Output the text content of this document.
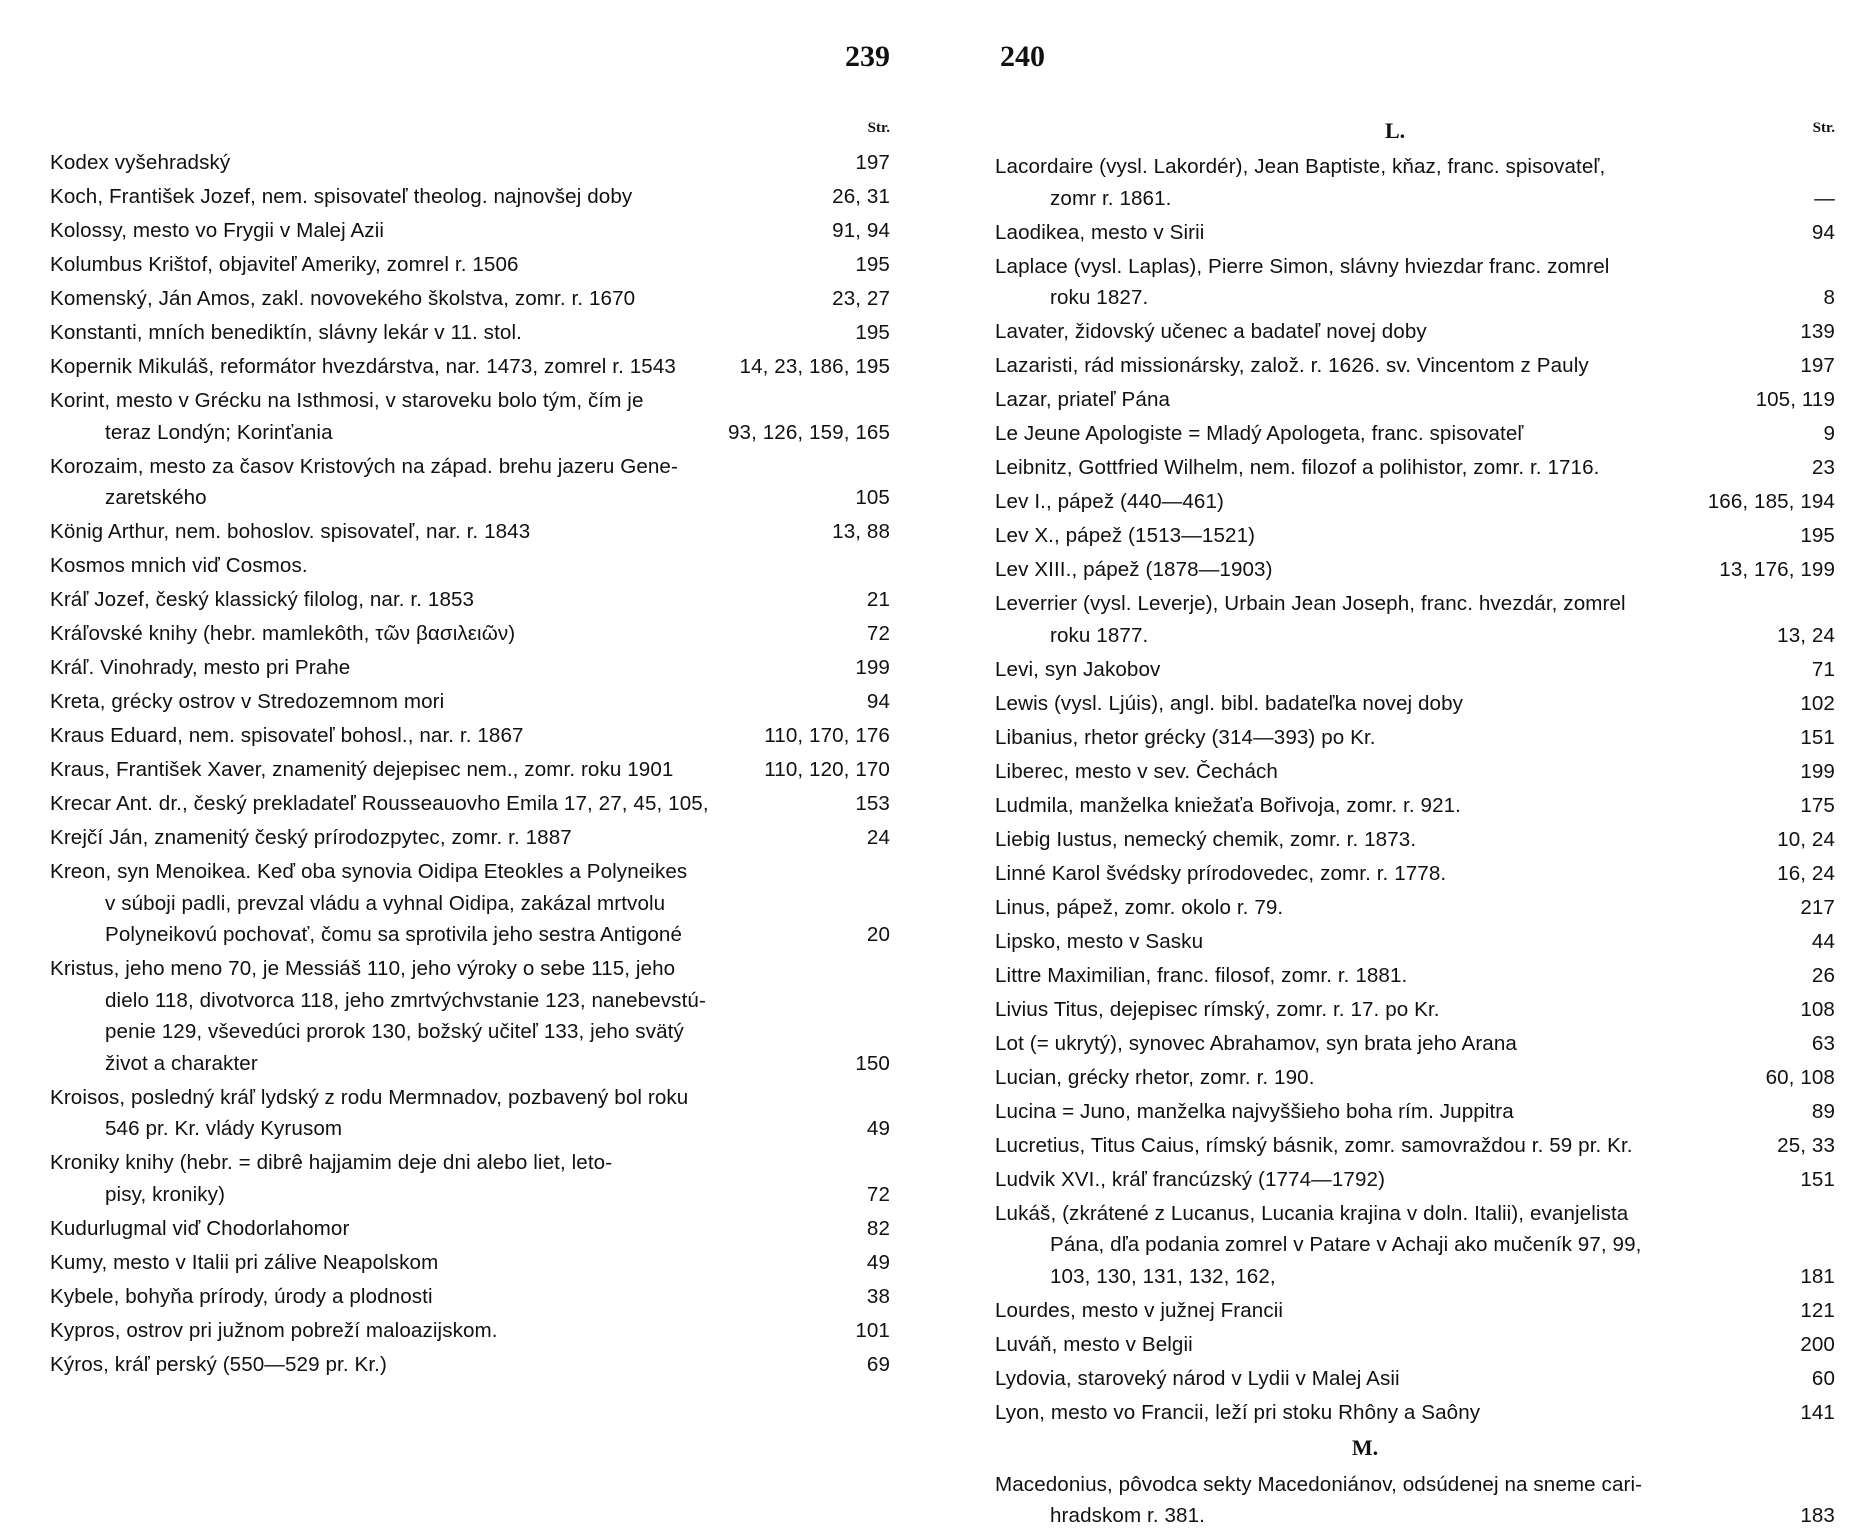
239
Str.
Kodex vyšehradský	197
Koch, František Jozef, nem. spisovateľ theolog. najnovšej doby	26, 31
Kolossy, mesto vo Frygii v Malej Azii	91, 94
Kolumbus Krištof, objaviteľ Ameriky, zomrel r. 1506	195
Komenský, Ján Amos, zakl. novovekého školstva, zomr. r. 1670	23, 27
Konstanti, mních benediktín, slávny lekár v 11. stol.	195
Kopernik Mikuláš, reformátor hvezdárstva, nar. 1473, zomrel r. 1543	14, 23, 186, 195
Korint, mesto v Grécku na Isthmosi, v staroveku bolo tým, čím je
teraz Londýn; Korinťania	93, 126, 159, 165
Korozaim, mesto za časov Kristových na západ. brehu jazeru Gene-
zaretského	105
König Arthur, nem. bohoslov. spisovateľ, nar. r. 1843	13, 88
Kosmos mnich viď Cosmos.
Kráľ Jozef, český klassický filolog, nar. r. 1853	21
Kráľovské knihy (hebr. mamlekôth, τῶν βασιλειῶν)	72
Kráľ. Vinohrady, mesto pri Prahe	199
Kreta, grécky ostrov v Stredozemnom mori	94
Kraus Eduard, nem. spisovateľ bohosl., nar. r. 1867	110, 170, 176
Kraus, František Xaver, znamenitý dejepisec nem., zomr. roku 1901	110, 120, 170
Krecar Ant. dr., český prekladateľ Rousseauovho Emila 17, 27, 45, 105,	153
Krejčí Ján, znamenitý český prírodozpytec, zomr. r. 1887	24
Kreon, syn Menoikea. Keď oba synovia Oidipa Eteokles a Polyneikes
v súboji padli, prevzal vládu a vyhnal Oidipa, zakázal mrtvolu
Polyneikovú pochovať, čomu sa sprotivila jeho sestra Antigoné	20
Kristus, jeho meno 70, je Messiáš 110, jeho výroky o sebe 115, jeho
dielo 118, divotvorca 118, jeho zmrtvýchvstanie 123, nanebevstú-
penie 129, vševedúci prorok 130, božský učiteľ 133, jeho svätý
život a charakter	150
Kroisos, posledný kráľ lydský z rodu Mermnadov, pozbavený bol roku
546 pr. Kr. vlády Kyrusom	49
Kroniky knihy (hebr. = dibrê hajjamim deje dni alebo liet, leto-
pisy, kroniky)	72
Kudurlugmal viď Chodorlahomor	82
Kumy, mesto v Italii pri zálive Neapolskom	49
Kybele, bohyňa prírody, úrody a plodnosti	38
Kypros, ostrov pri južnom pobreží maloazijskom.	101
Kýros, kráľ perský (550—529 pr. Kr.)	69
240
L.	Str.
Lacordaire (vysl. Lakordér), Jean Baptiste, kňaz, franc. spisovateľ,
zomr r. 1861.	—
Laodikea, mesto v Sirii	94
Laplace (vysl. Laplas), Pierre Simon, slávny hviezdar franc. zomrel
roku 1827.	8
Lavater, židovský učenec a badateľ novej doby	139
Lazaristi, rád missionársky, založ. r. 1626. sv. Vincentom z Pauly	197
Lazar, priateľ Pána	105, 119
Le Jeune Apologiste = Mladý Apologeta, franc. spisovateľ	9
Leibnitz, Gottfried Wilhelm, nem. filozof a polihistor, zomr. r. 1716.	23
Lev I., pápež (440—461)	166, 185, 194
Lev X., pápež (1513—1521)	195
Lev XIII., pápež (1878—1903)	13, 176, 199
Leverrier (vysl. Leverje), Urbain Jean Joseph, franc. hvezdár, zomrel
roku 1877.	13, 24
Levi, syn Jakobov	71
Lewis (vysl. Ljúis), angl. bibl. badateľka novej doby	102
Libanius, rhetor grécky (314—393) po Kr.	151
Liberec, mesto v sev. Čechách	199
Ludmila, manželka kniežaťa Bořivoja, zomr. r. 921.	175
Liebig Iustus, nemecký chemik, zomr. r. 1873.	10, 24
Linné Karol švédsky prírodovedec, zomr. r. 1778.	16, 24
Linus, pápež, zomr. okolo r. 79.	217
Lipsko, mesto v Sasku	44
Littre Maximilian, franc. filosof, zomr. r. 1881.	26
Livius Titus, dejepisec rímský, zomr. r. 17. po Kr.	108
Lot (= ukrytý), synovec Abrahamov, syn brata jeho Arana	63
Lucian, grécky rhetor, zomr. r. 190.	60, 108
Lucina = Juno, manželka najvyššieho boha rím. Juppitra	89
Lucretius, Titus Caius, rímský básnik, zomr. samovraždou r. 59 pr. Kr.	25, 33
Ludvik XVI., kráľ francúzský (1774—1792)	151
Lukáš, (zkrátené z Lucanus, Lucania krajina v doln. Italii), evanjelista
Pána, dľa podania zomrel v Patare v Achaji ako mučeník 97, 99,
103, 130, 131, 132, 162,	181
Lourdes, mesto v južnej Francii	121
Luváň, mesto v Belgii	200
Lydovia, staroveký národ v Lydii v Malej Asii	60
Lyon, mesto vo Francii, leží pri stoku Rhôny a Saôny	141
M.
Macedonius, pôvodca sekty Macedoniánov, odsúdenej na sneme cari-
hradskom r. 381.	183
